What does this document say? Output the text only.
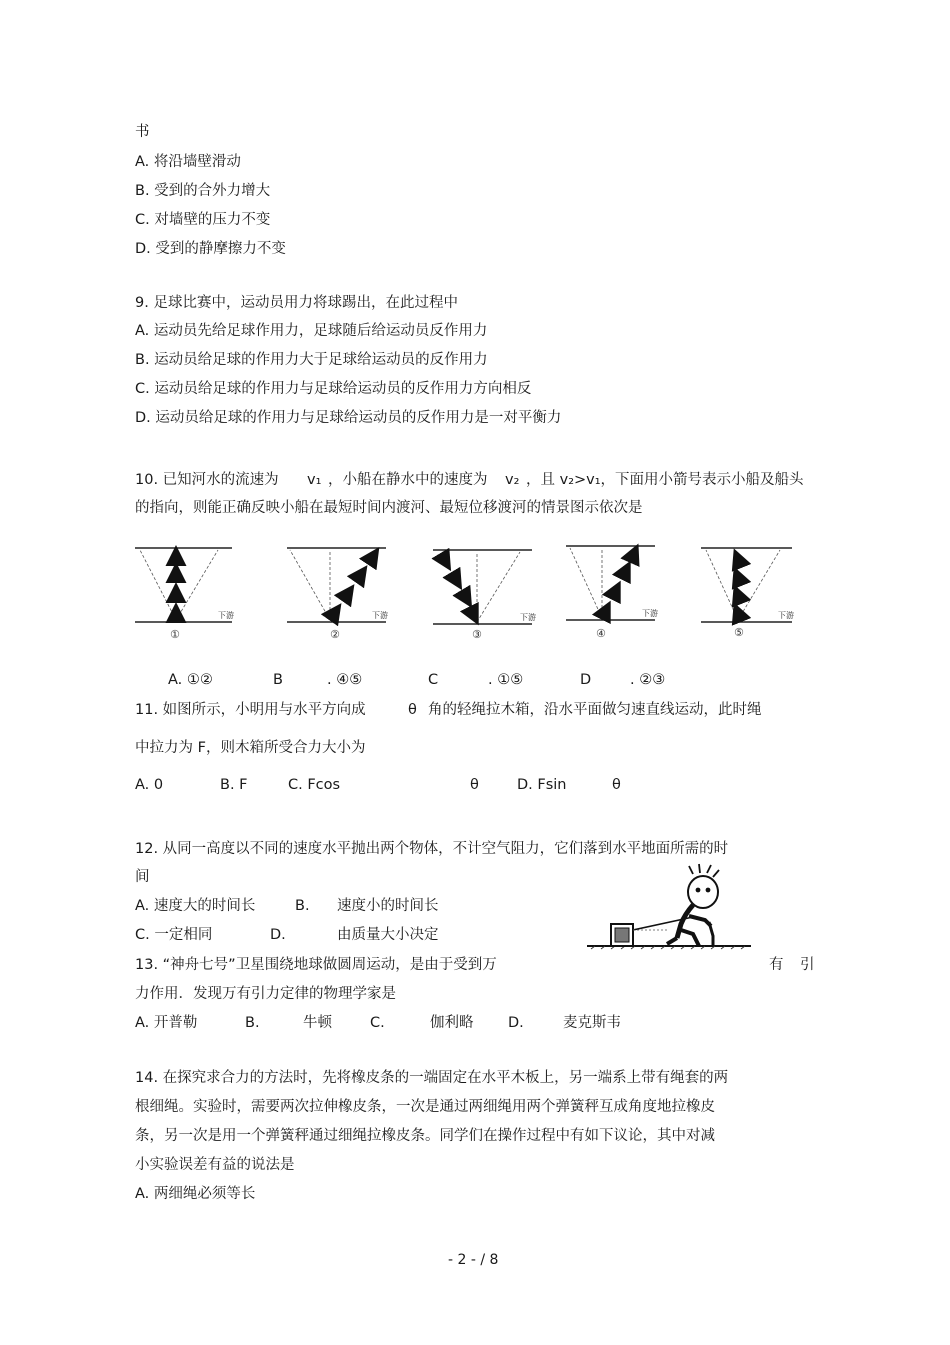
书
A. 将沿墙壁滑动
B. 受到的合外力增大
C. 对墙壁的压力不变
D. 受到的静摩擦力不变
9. 足球比赛中，运动员用力将球踢出，在此过程中
A. 运动员先给足球作用力，足球随后给运动员反作用力
B. 运动员给足球的作用力大于足球给运动员的反作用力
C. 运动员给足球的作用力与足球给运动员的反作用力方向相反
D. 运动员给足球的作用力与足球给运动员的反作用力是一对平衡力
10. 已知河水的流速为 v₁ ，小船在静水中的速度为 v₂ ，且 v₂>v₁，下面用小箭号表示小船及船头
的指向，则能正确反映小船在最短时间内渡河、最短位移渡河的情景图示依次是
下游
①
下游
②
下游
③
下游
④
下游
⑤
A. ①②	B	. ④⑤	C	. ①⑤	D	. ②③
11. 如图所示，小明用与水平方向成	θ 角的轻绳拉木箱，沿水平面做匀速直线运动，此时绳
中拉力为 F，则木箱所受合力大小为
A. 0	B. F	C. Fcos	θ	D. Fsin	θ
12. 从同一高度以不同的速度水平抛出两个物体，不计空气阻力，它们落到水平地面所需的时
间
A. 速度大的时间长	B. 速度小的时间长
C. 一定相同	D.	由质量大小决定
13. “神舟七号”卫星围绕地球做圆周运动，是由于受到万	有 引
力作用．发现万有引力定律的物理学家是
A. 开普勒	B.	牛顿	C.	伽利略 D.	麦克斯韦
14. 在探究求合力的方法时，先将橡皮条的一端固定在水平木板上，另一端系上带有绳套的两
根细绳。实验时，需要两次拉伸橡皮条，一次是通过两细绳用两个弹簧秤互成角度地拉橡皮
条，另一次是用一个弹簧秤通过细绳拉橡皮条。同学们在操作过程中有如下议论，其中对减
小实验误差有益的说法是
A. 两细绳必须等长
- 2 - / 8
